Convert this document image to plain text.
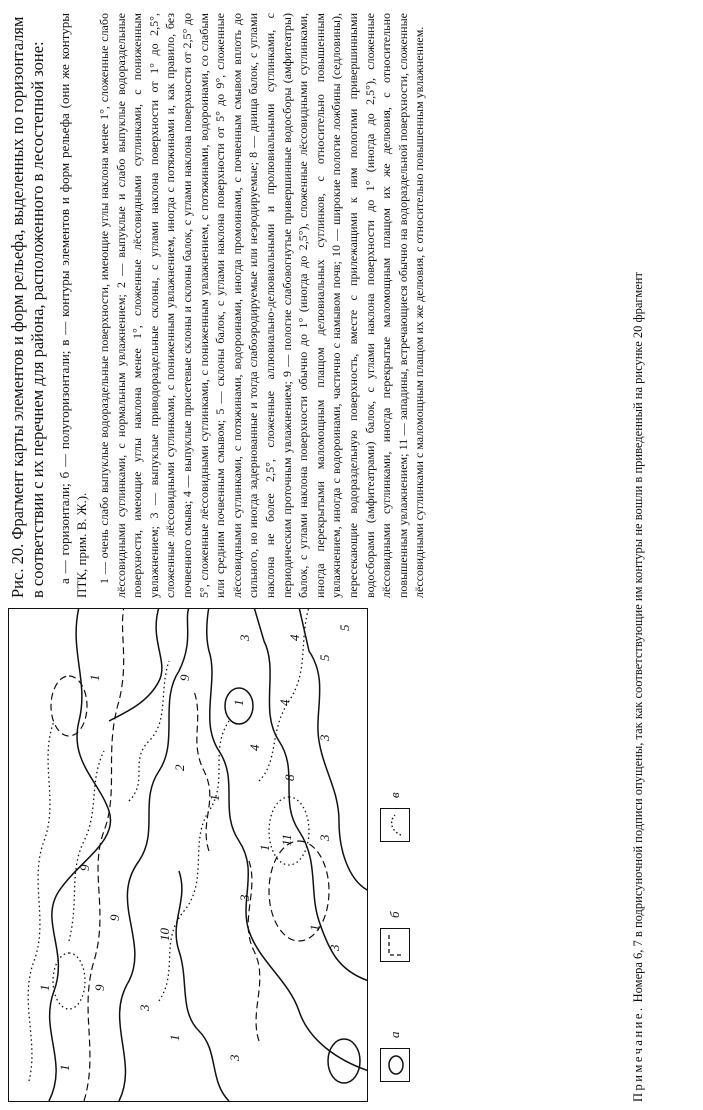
1
1
1
1
1
1
1
1
2
3
3
3
3
3
3
3
4
4
4
5
5
8
9
9
9
9
10
11
а
б
в

Рис. 20. Фрагмент карты элементов и форм рельефа, выделенных по горизонталям в соответствии с их перечнем для района, расположенного в лесостепной зоне: а — горизонтали; б — полугоризонтали; в — контуры элементов и форм рельефа (они же контуры ПТК, прим. В. Ж.). 1 — очень слабо выпуклые водораздельные поверхности, имеющие углы наклона менее 1°, сложенные слабо лёссовидными суглинками, с нормальным увлажнением; 2 — выпуклые и слабо выпуклые водораздельные поверхности, имеющие углы наклона менее 1°, сложенные лёссовидными суглинками, с пониженным увлажнением; 3 — выпуклые приводораздельные склоны, с углами наклона поверхности от 1° до 2,5°, сложенные лёссовидными суглинками, с пониженным увлажнением, иногда с потяжинами и, как правило, без почвенного смыва; 4 — выпуклые присетевые склоны и склоны балок, с углами наклона поверхности от 2,5° до 5°, сложенные лёссовидными суглинками, с пониженным увлажнением, с потяжинами, водороинами, со слабым или средним почвенным смывом; 5 — склоны балок, с углами наклона поверхности от 5° до 9°, сложенные лёссовидными суглинками, с потяжинами, водороинами, иногда промоинами, с почвенным смывом вплоть до сильного, но иногда задернованные и тогда слабоэродируемые или неэродируемые; 8 — днища балок, с углами наклона не более 2,5°, сложенные аллювиально-делювиальными и пролювиальными суглинками, с периодическим проточным увлажнением; 9 — пологие слабовогнутые привершинные водосборы (амфитеатры) балок, с углами наклона поверхности обычно до 1° (иногда до 2,5°), сложенные лёссовидными суглинками, иногда перекрытыми маломощным плащом делювиальных суглинков, с относительно повышенным увлажнением, иногда с водороинами, частично с намывом почв; 10 — широкие пологие ложбины (седловины), пересекающие водораздельную поверхность, вместе с прилежащими к ним пологими привершинными водосборами (амфитеатрами) балок, с углами наклона поверхности до 1° (иногда до 2,5°), сложенные лёссовидными суглинками, иногда перекрытые маломощным плащом их же делювия, с относительно повышенным увлажнением; 11 — западины, встречающиеся обычно на водораздельной поверхности, сложенные лёссовидными суглинками с маломощным плащом их же делювия, с относительно повышенным увлажнением.

Примечание. Номера 6, 7 в подрисуночной подписи опущены, так как соответствующие им контуры не вошли в приведенный на рисунке 20 фрагмент
